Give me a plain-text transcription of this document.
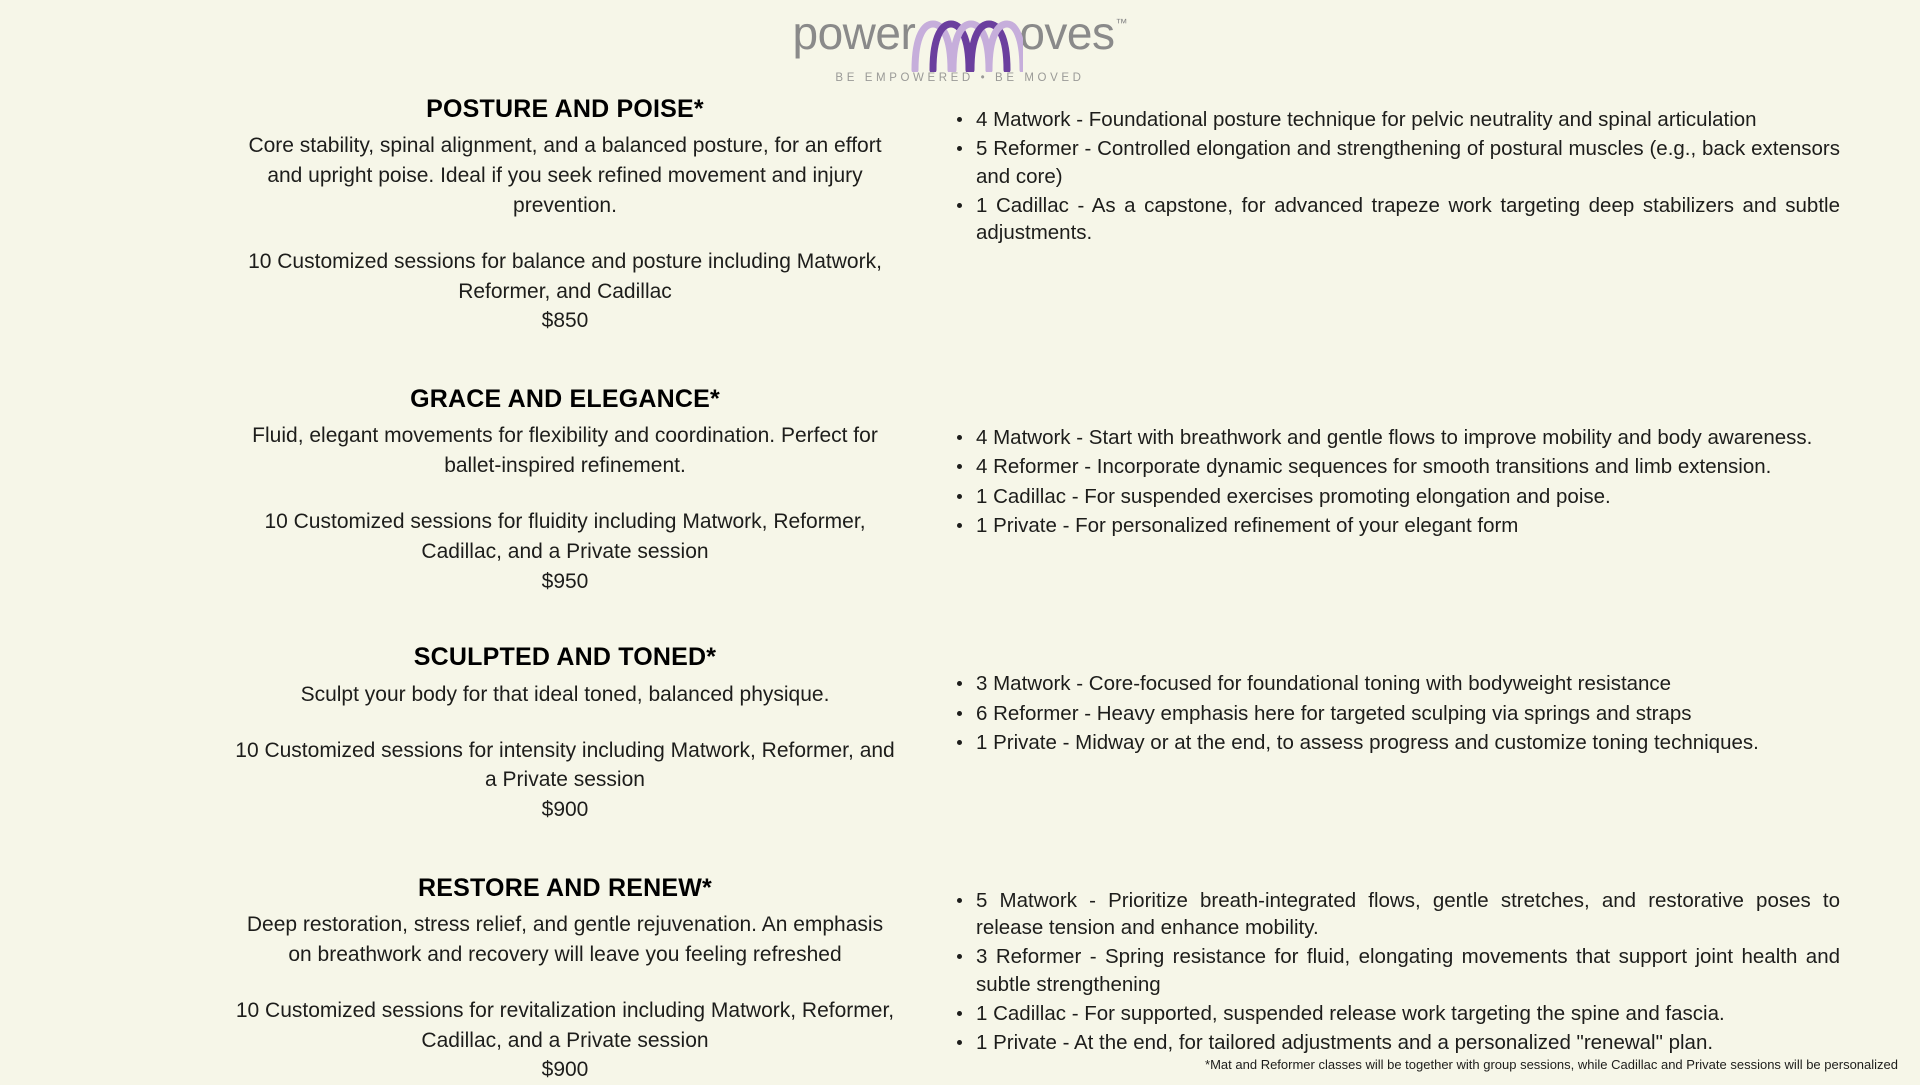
power oves ™
BE EMPOWERED • BE MOVED
POSTURE AND POISE*

Core stability, spinal alignment, and a balanced posture, for an effort and upright poise. Ideal if you seek refined movement and injury prevention.

10 Customized sessions for balance and posture including Matwork, Reformer, and Cadillac

$850

4 Matwork - Foundational posture technique for pelvic neutrality and spinal articulation
5 Reformer - Controlled elongation and strengthening of postural muscles (e.g., back extensors and core)
1 Cadillac - As a capstone, for advanced trapeze work targeting deep stabilizers and subtle adjustments.
GRACE AND ELEGANCE*

Fluid, elegant movements for flexibility and coordination. Perfect for ballet-inspired refinement.

10 Customized sessions for fluidity including Matwork, Reformer, Cadillac, and a Private session

$950

4 Matwork - Start with breathwork and gentle flows to improve mobility and body awareness.
4 Reformer - Incorporate dynamic sequences for smooth transitions and limb extension.
1 Cadillac - For suspended exercises promoting elongation and poise.
1 Private - For personalized refinement of your elegant form
SCULPTED AND TONED*

Sculpt your body for that ideal toned, balanced physique.

10 Customized sessions for intensity including Matwork, Reformer, and a Private session

$900

3 Matwork - Core-focused for foundational toning with bodyweight resistance
6 Reformer - Heavy emphasis here for targeted sculping via springs and straps
1 Private - Midway or at the end, to assess progress and customize toning techniques.
RESTORE AND RENEW*

Deep restoration, stress relief, and gentle rejuvenation. An emphasis on breathwork and recovery will leave you feeling refreshed

10 Customized sessions for revitalization including Matwork, Reformer, Cadillac, and a Private session

$900

5 Matwork - Prioritize breath-integrated flows, gentle stretches, and restorative poses to release tension and enhance mobility.
3 Reformer - Spring resistance for fluid, elongating movements that support joint health and subtle strengthening
1 Cadillac - For supported, suspended release work targeting the spine and fascia.
1 Private - At the end, for tailored adjustments and a personalized "renewal" plan.
*Mat and Reformer classes will be together with group sessions, while Cadillac and Private sessions will be personalized
